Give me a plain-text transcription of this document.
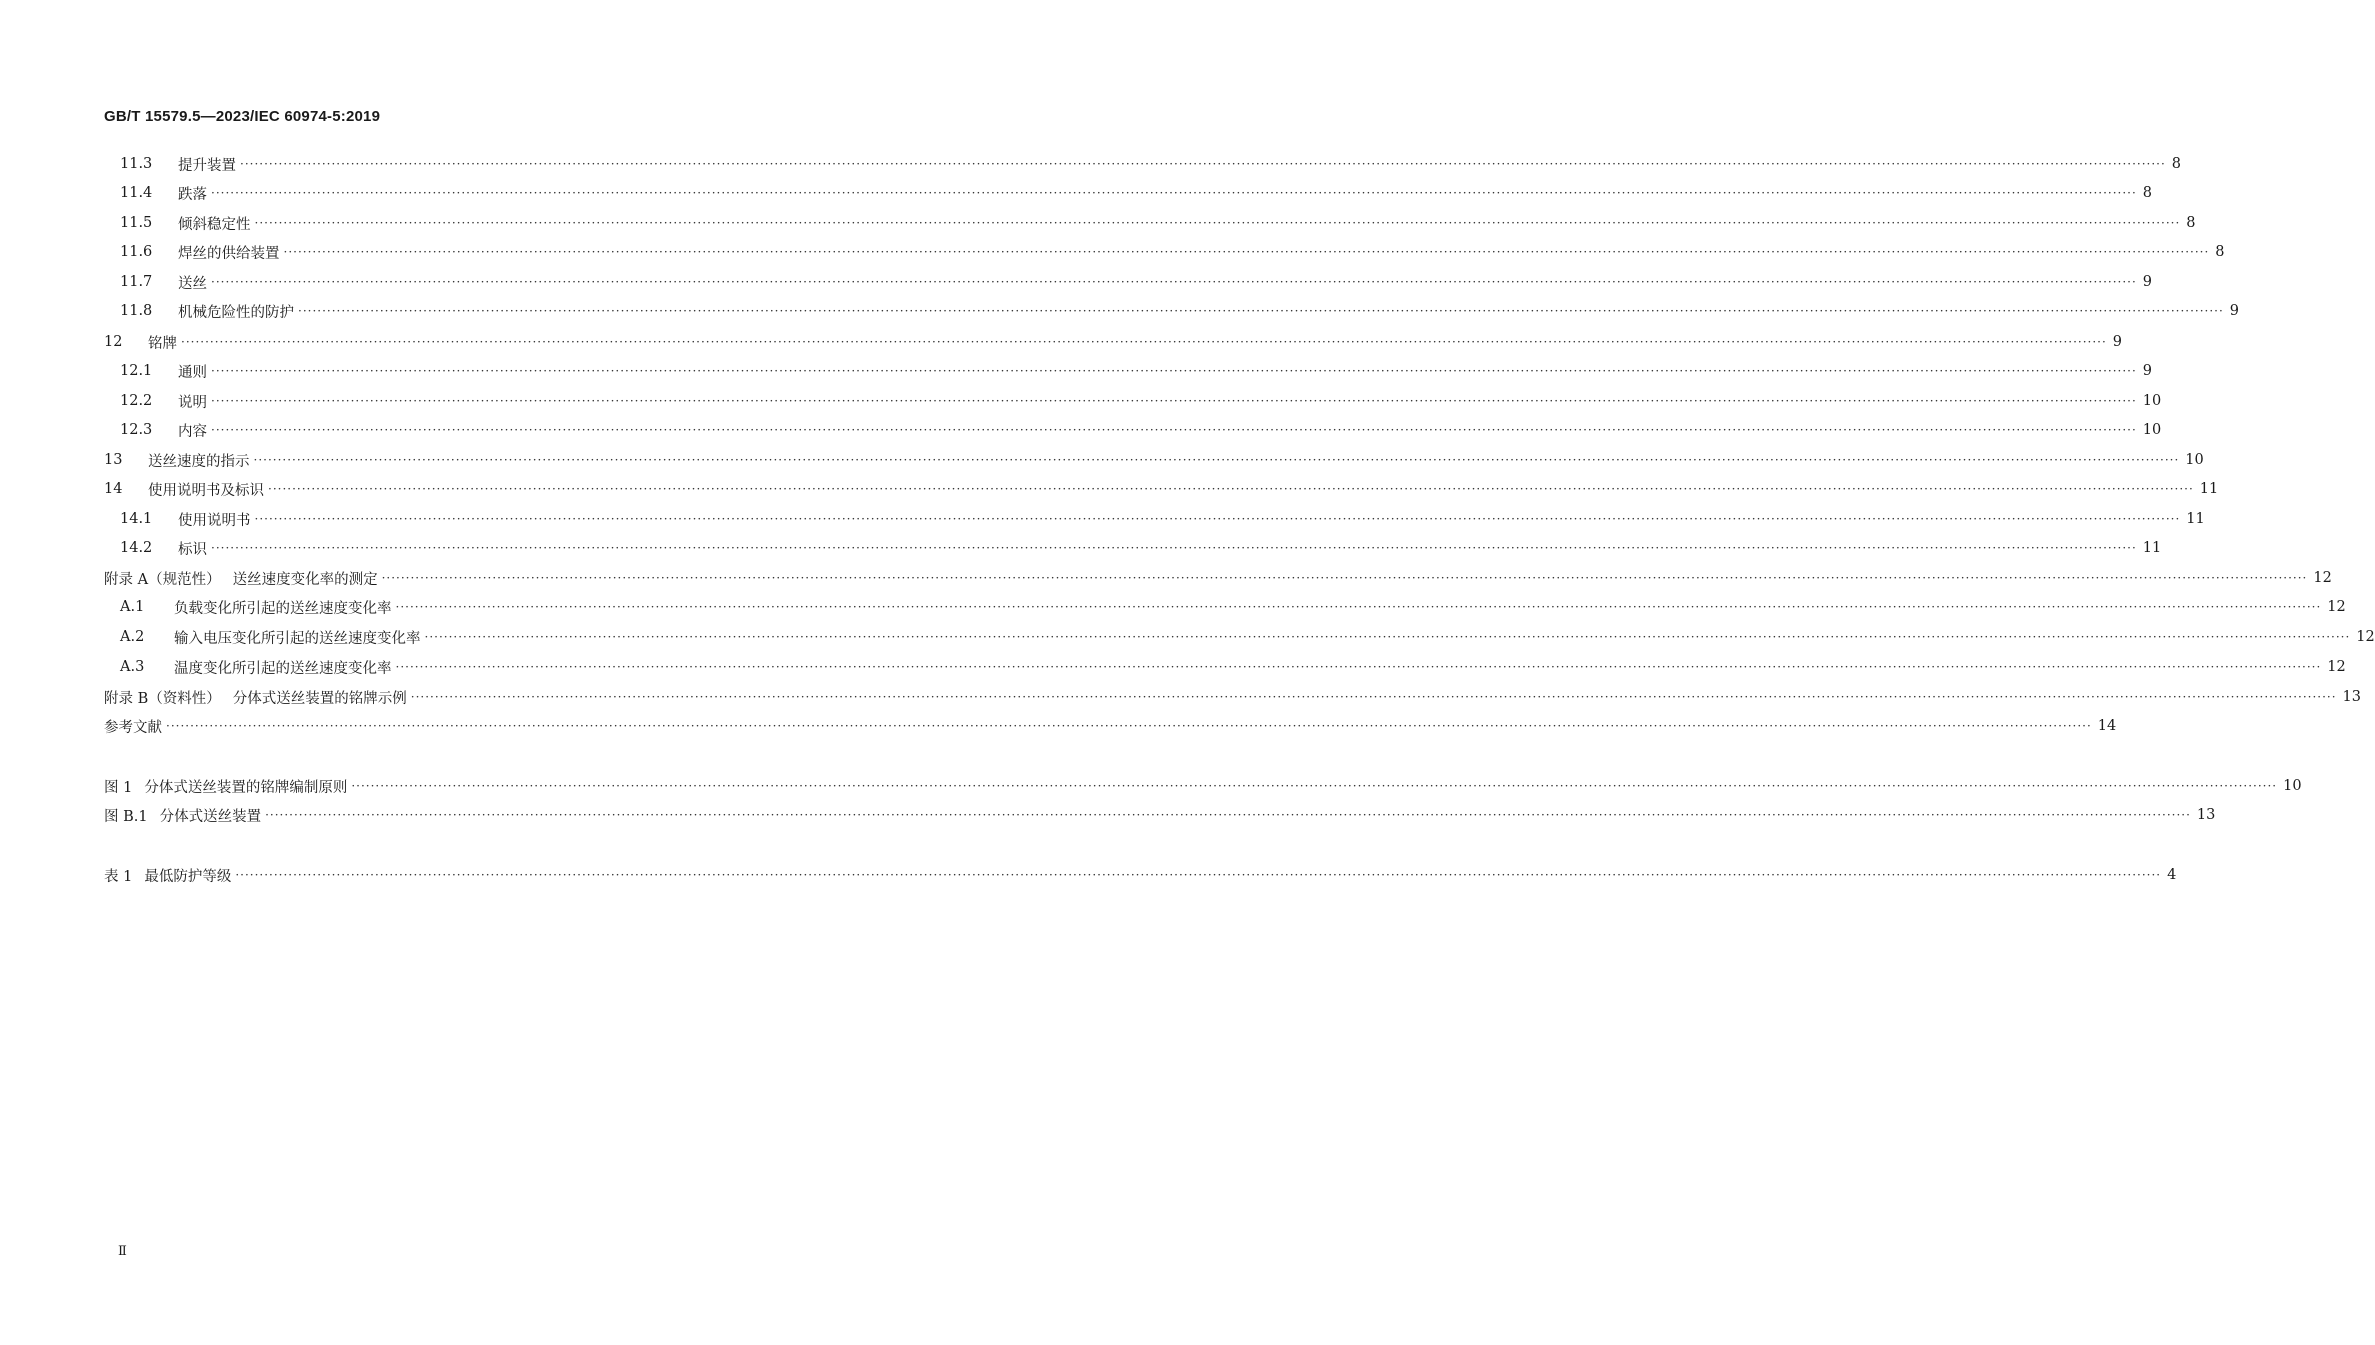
GB/T 15579.5—2023/IEC 60974-5:2019
11.3	提升装置 ················································································································································································································································································································································································································ 8
11.4	跌落 ················································································································································································································································································································································································································ 8
11.5	倾斜稳定性 ················································································································································································································································································································································································································ 8
11.6	焊丝的供给装置 ················································································································································································································································································································································································································ 8
11.7	送丝 ················································································································································································································································································································································································································ 9
11.8	机械危险性的防护 ················································································································································································································································································································································································································ 9
12	铭牌 ················································································································································································································································································································································································································ 9
12.1	通则 ················································································································································································································································································································································································································ 9
12.2	说明 ················································································································································································································································································································································································································ 10
12.3	内容 ················································································································································································································································································································································································································ 10
13	送丝速度的指示 ················································································································································································································································································································································································································ 10
14	使用说明书及标识 ················································································································································································································································································································································································································ 11
14.1	使用说明书 ················································································································································································································································································································································································································ 11
14.2	标识 ················································································································································································································································································································································································································ 11
附录 A（规范性） 送丝速度变化率的测定 ················································································································································································································································································································································································································ 12
A.1	负载变化所引起的送丝速度变化率 ················································································································································································································································································································································································································ 12
A.2	输入电压变化所引起的送丝速度变化率 ················································································································································································································································································································································································································ 12
A.3	温度变化所引起的送丝速度变化率 ················································································································································································································································································································································································································ 12
附录 B（资料性） 分体式送丝装置的铭牌示例 ················································································································································································································································································································································································································ 13
参考文献 ················································································································································································································································································································································································································ 14
图 1 分体式送丝装置的铭牌编制原则 ················································································································································································································································································································································································································ 10
图 B.1 分体式送丝装置 ················································································································································································································································································································································································································ 13
表 1 最低防护等级 ················································································································································································································································································································································································································ 4
Ⅱ
